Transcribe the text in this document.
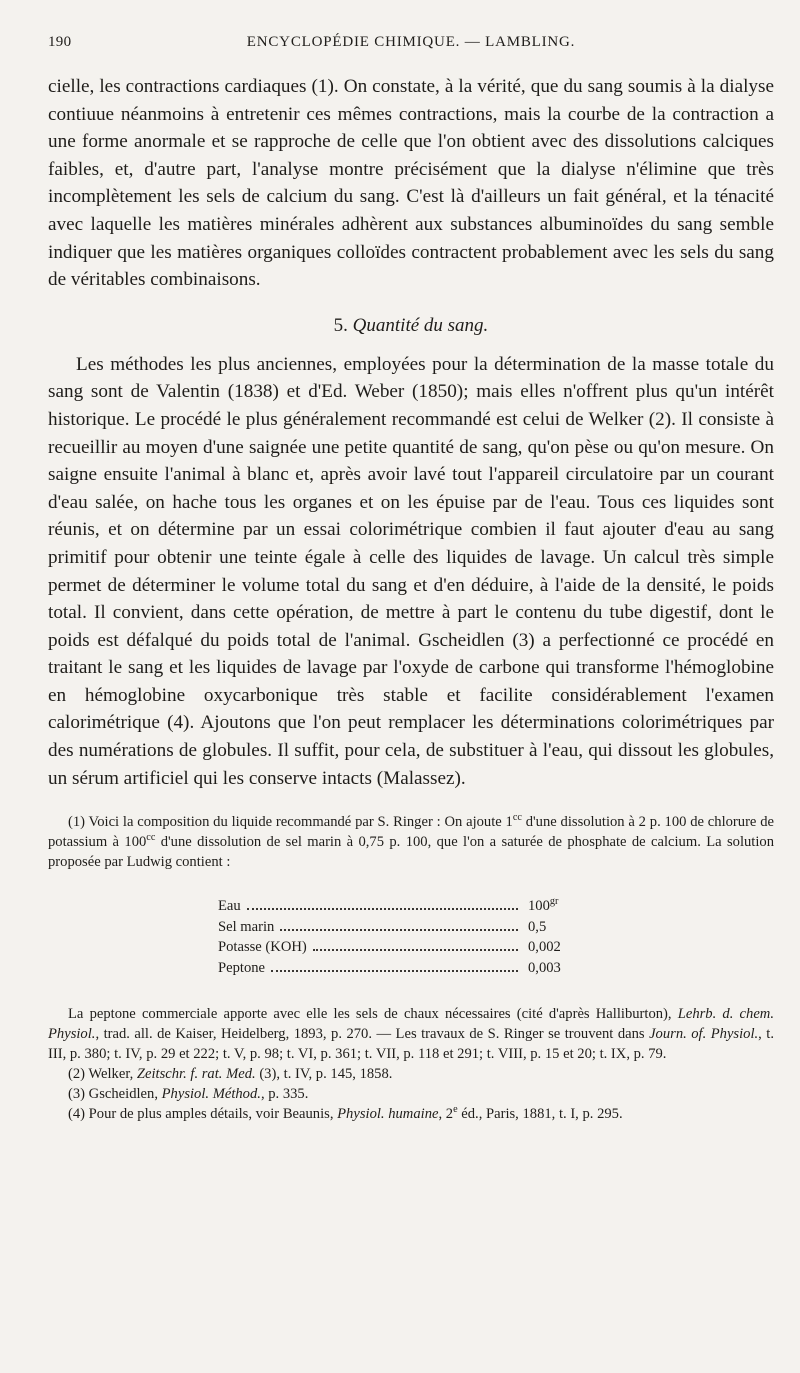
190	ENCYCLOPÉDIE CHIMIQUE. — LAMBLING.

cielle, les contractions cardiaques (1). On constate, à la vérité, que du sang soumis à la dialyse contiuue néanmoins à entretenir ces mêmes contractions, mais la courbe de la contraction a une forme anormale et se rapproche de celle que l'on obtient avec des dissolutions calciques faibles, et, d'autre part, l'analyse montre précisément que la dialyse n'élimine que très incomplètement les sels de calcium du sang. C'est là d'ailleurs un fait général, et la ténacité avec laquelle les matières minérales adhèrent aux substances albuminoïdes du sang semble indiquer que les matières organiques colloïdes contractent probablement avec les sels du sang de véritables combinaisons.

5. Quantité du sang.

Les méthodes les plus anciennes, employées pour la détermination de la masse totale du sang sont de Valentin (1838) et d'Ed. Weber (1850); mais elles n'offrent plus qu'un intérêt historique. Le procédé le plus généralement recommandé est celui de Welker (2). Il consiste à recueillir au moyen d'une saignée une petite quantité de sang, qu'on pèse ou qu'on mesure. On saigne ensuite l'animal à blanc et, après avoir lavé tout l'appareil circulatoire par un courant d'eau salée, on hache tous les organes et on les épuise par de l'eau. Tous ces liquides sont réunis, et on détermine par un essai colorimétrique combien il faut ajouter d'eau au sang primitif pour obtenir une teinte égale à celle des liquides de lavage. Un calcul très simple permet de déterminer le volume total du sang et d'en déduire, à l'aide de la densité, le poids total. Il convient, dans cette opération, de mettre à part le contenu du tube digestif, dont le poids est défalqué du poids total de l'animal. Gscheidlen (3) a perfectionné ce procédé en traitant le sang et les liquides de lavage par l'oxyde de carbone qui transforme l'hémoglobine en hémoglobine oxycarbonique très stable et facilite considérablement l'examen calorimétrique (4). Ajoutons que l'on peut remplacer les déterminations colorimétriques par des numérations de globules. Il suffit, pour cela, de substituer à l'eau, qui dissout les globules, un sérum artificiel qui les conserve intacts (Malassez).

(1) Voici la composition du liquide recommandé par S. Ringer : On ajoute $1^{cc}$ d'une dissolution à 2 p. 100 de chlorure de potassium à $100^{cc}$ d'une dissolution de sel marin à 0,75 p. 100, que l'on a saturée de phosphate de calcium. La solution proposée par Ludwig contient :

Eau	$100^{gr}$
Sel marin	0,5
Potasse (KOH)	0,002
Peptone	0,003

La peptone commerciale apporte avec elle les sels de chaux nécessaires (cité d'après Halliburton), Lehrb. d. chem. Physiol., trad. all. de Kaiser, Heidelberg, 1893, p. 270. — Les travaux de S. Ringer se trouvent dans Journ. of. Physiol., t. III, p. 380; t. IV, p. 29 et 222; t. V, p. 98; t. VI, p. 361; t. VII, p. 118 et 291; t. VIII, p. 15 et 20; t. IX, p. 79.

(2) Welker, Zeitschr. f. rat. Med. (3), t. IV, p. 145, 1858.

(3) Gscheidlen, Physiol. Méthod., p. 335.

(4) Pour de plus amples détails, voir Beaunis, Physiol. humaine, 2e éd., Paris, 1881, t. I, p. 295.
